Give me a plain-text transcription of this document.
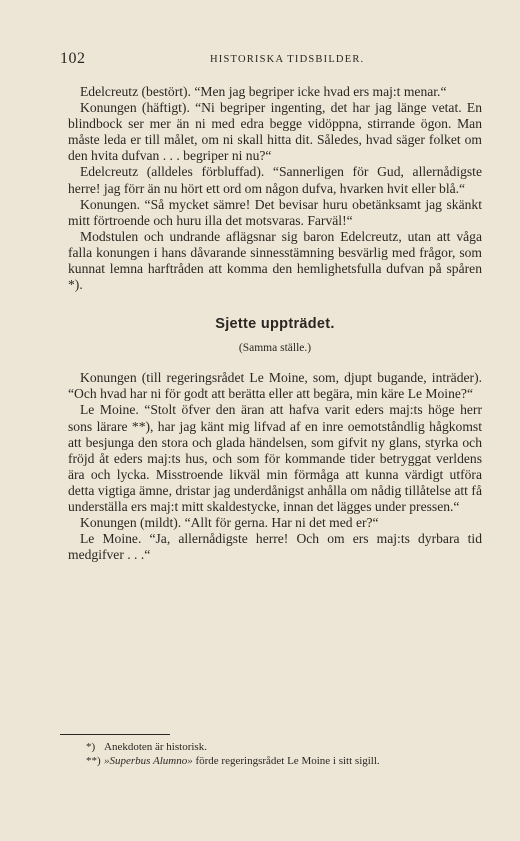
102	HISTORISKA TIDSBILDER.

Edelcreutz (bestört). “Men jag begriper icke hvad ers maj:t menar.“

Konungen (häftigt). “Ni begriper ingenting, det har jag länge vetat. En blindbock ser mer än ni med edra begge vidöppna, stirrande ögon. Man måste leda er till målet, om ni skall hitta dit. Således, hvad säger folket om den hvita dufvan . . . begriper ni nu?“

Edelcreutz (alldeles förbluffad). “Sannerligen för Gud, allernådigste herre! jag förr än nu hört ett ord om någon dufva, hvarken hvit eller blå.“

Konungen. “Så mycket sämre! Det bevisar huru obetänksamt jag skänkt mitt förtroende och huru illa det motsvaras. Farväl!“

Modstulen och undrande aflägsnar sig baron Edelcreutz, utan att våga falla konungen i hans dåvarande sinnesstämning besvärlig med frågor, som kunnat lemna harftråden att komma den hemlighetsfulla dufvan på spåren *).

Sjette uppträdet.
(Samma ställe.)

Konungen (till regeringsrådet Le Moine, som, djupt bugande, inträder). “Och hvad har ni för godt att berätta eller att begära, min käre Le Moine?“

Le Moine. “Stolt öfver den äran att hafva varit eders maj:ts höge herr sons lärare **), har jag känt mig lifvad af en inre oemotståndlig hågkomst att besjunga den stora och glada händelsen, som gifvit ny glans, styrka och fröjd åt eders maj:ts hus, och som för kommande tider betryggat verldens ära och lycka. Misstroende likväl min förmåga att kunna värdigt utföra detta vigtiga ämne, dristar jag underdånigst anhålla om nådig tillåtelse att få underställa ers maj:t mitt skaldestycke, innan det lägges under pressen.“

Konungen (mildt). “Allt för gerna. Har ni det med er?“

Le Moine. “Ja, allernådigste herre! Och om ers maj:ts dyrbara tid medgifver . . .“

*) Anekdoten är historisk.
**) »Superbus Alumno» förde regeringsrådet Le Moine i sitt sigill.
